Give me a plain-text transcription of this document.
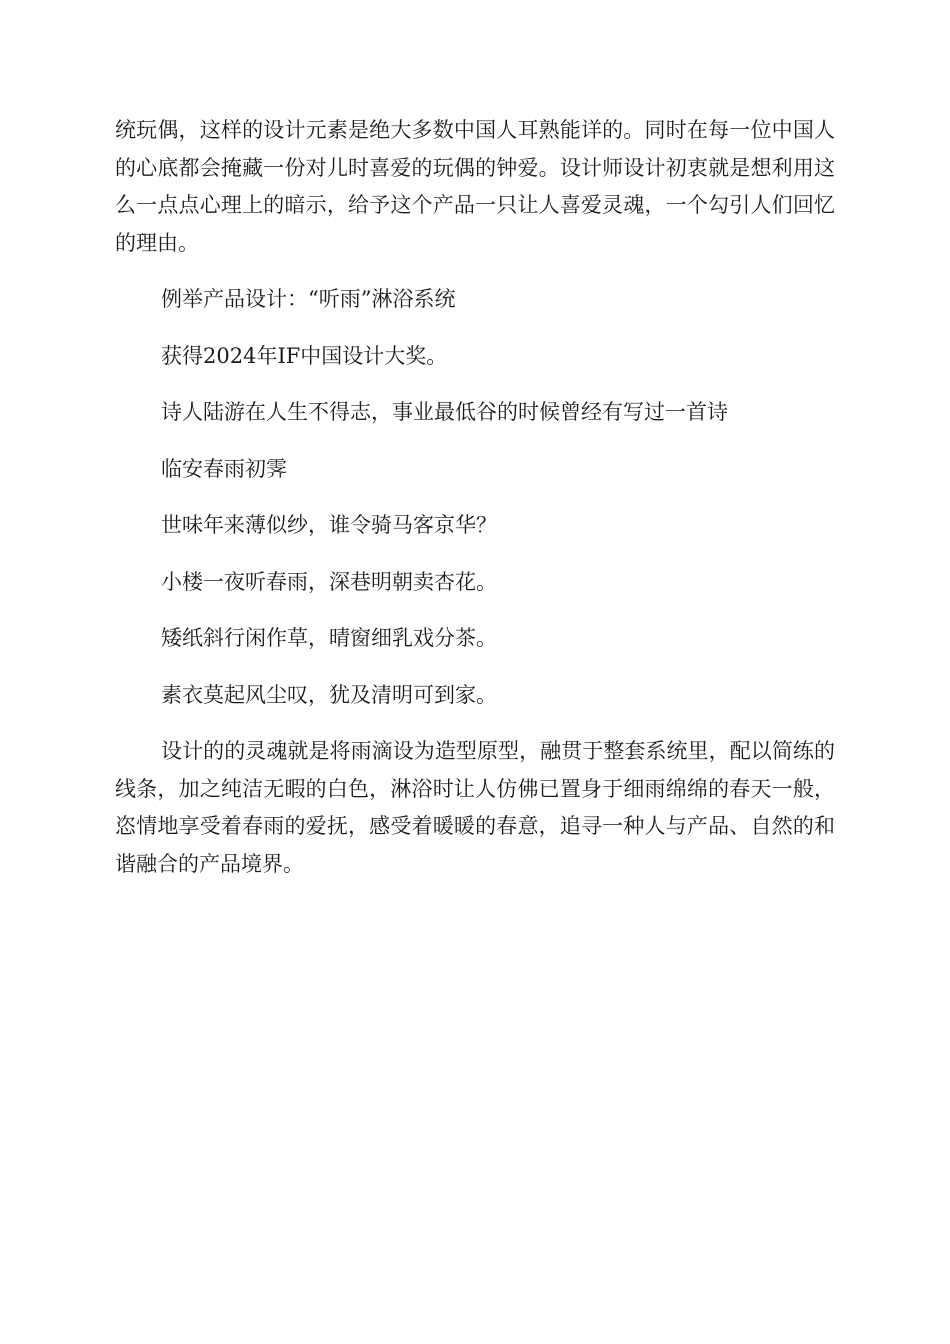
统玩偶，这样的设计元素是绝大多数中国人耳熟能详的。同时在每一位中国人的心底都会掩藏一份对儿时喜爱的玩偶的钟爱。设计师设计初衷就是想利用这么一点点心理上的暗示，给予这个产品一只让人喜爱灵魂，一个勾引人们回忆的理由。

例举产品设计：“听雨”淋浴系统

获得2024年IF中国设计大奖。

诗人陆游在人生不得志，事业最低谷的时候曾经有写过一首诗

临安春雨初霁

世味年来薄似纱，谁令骑马客京华？

小楼一夜听春雨，深巷明朝卖杏花。

矮纸斜行闲作草，晴窗细乳戏分茶。

素衣莫起风尘叹，犹及清明可到家。

设计的的灵魂就是将雨滴设为造型原型，融贯于整套系统里，配以简练的线条，加之纯洁无暇的白色，淋浴时让人仿佛已置身于细雨绵绵的春天一般，恣情地享受着春雨的爱抚，感受着暖暖的春意，追寻一种人与产品、自然的和谐融合的产品境界。
